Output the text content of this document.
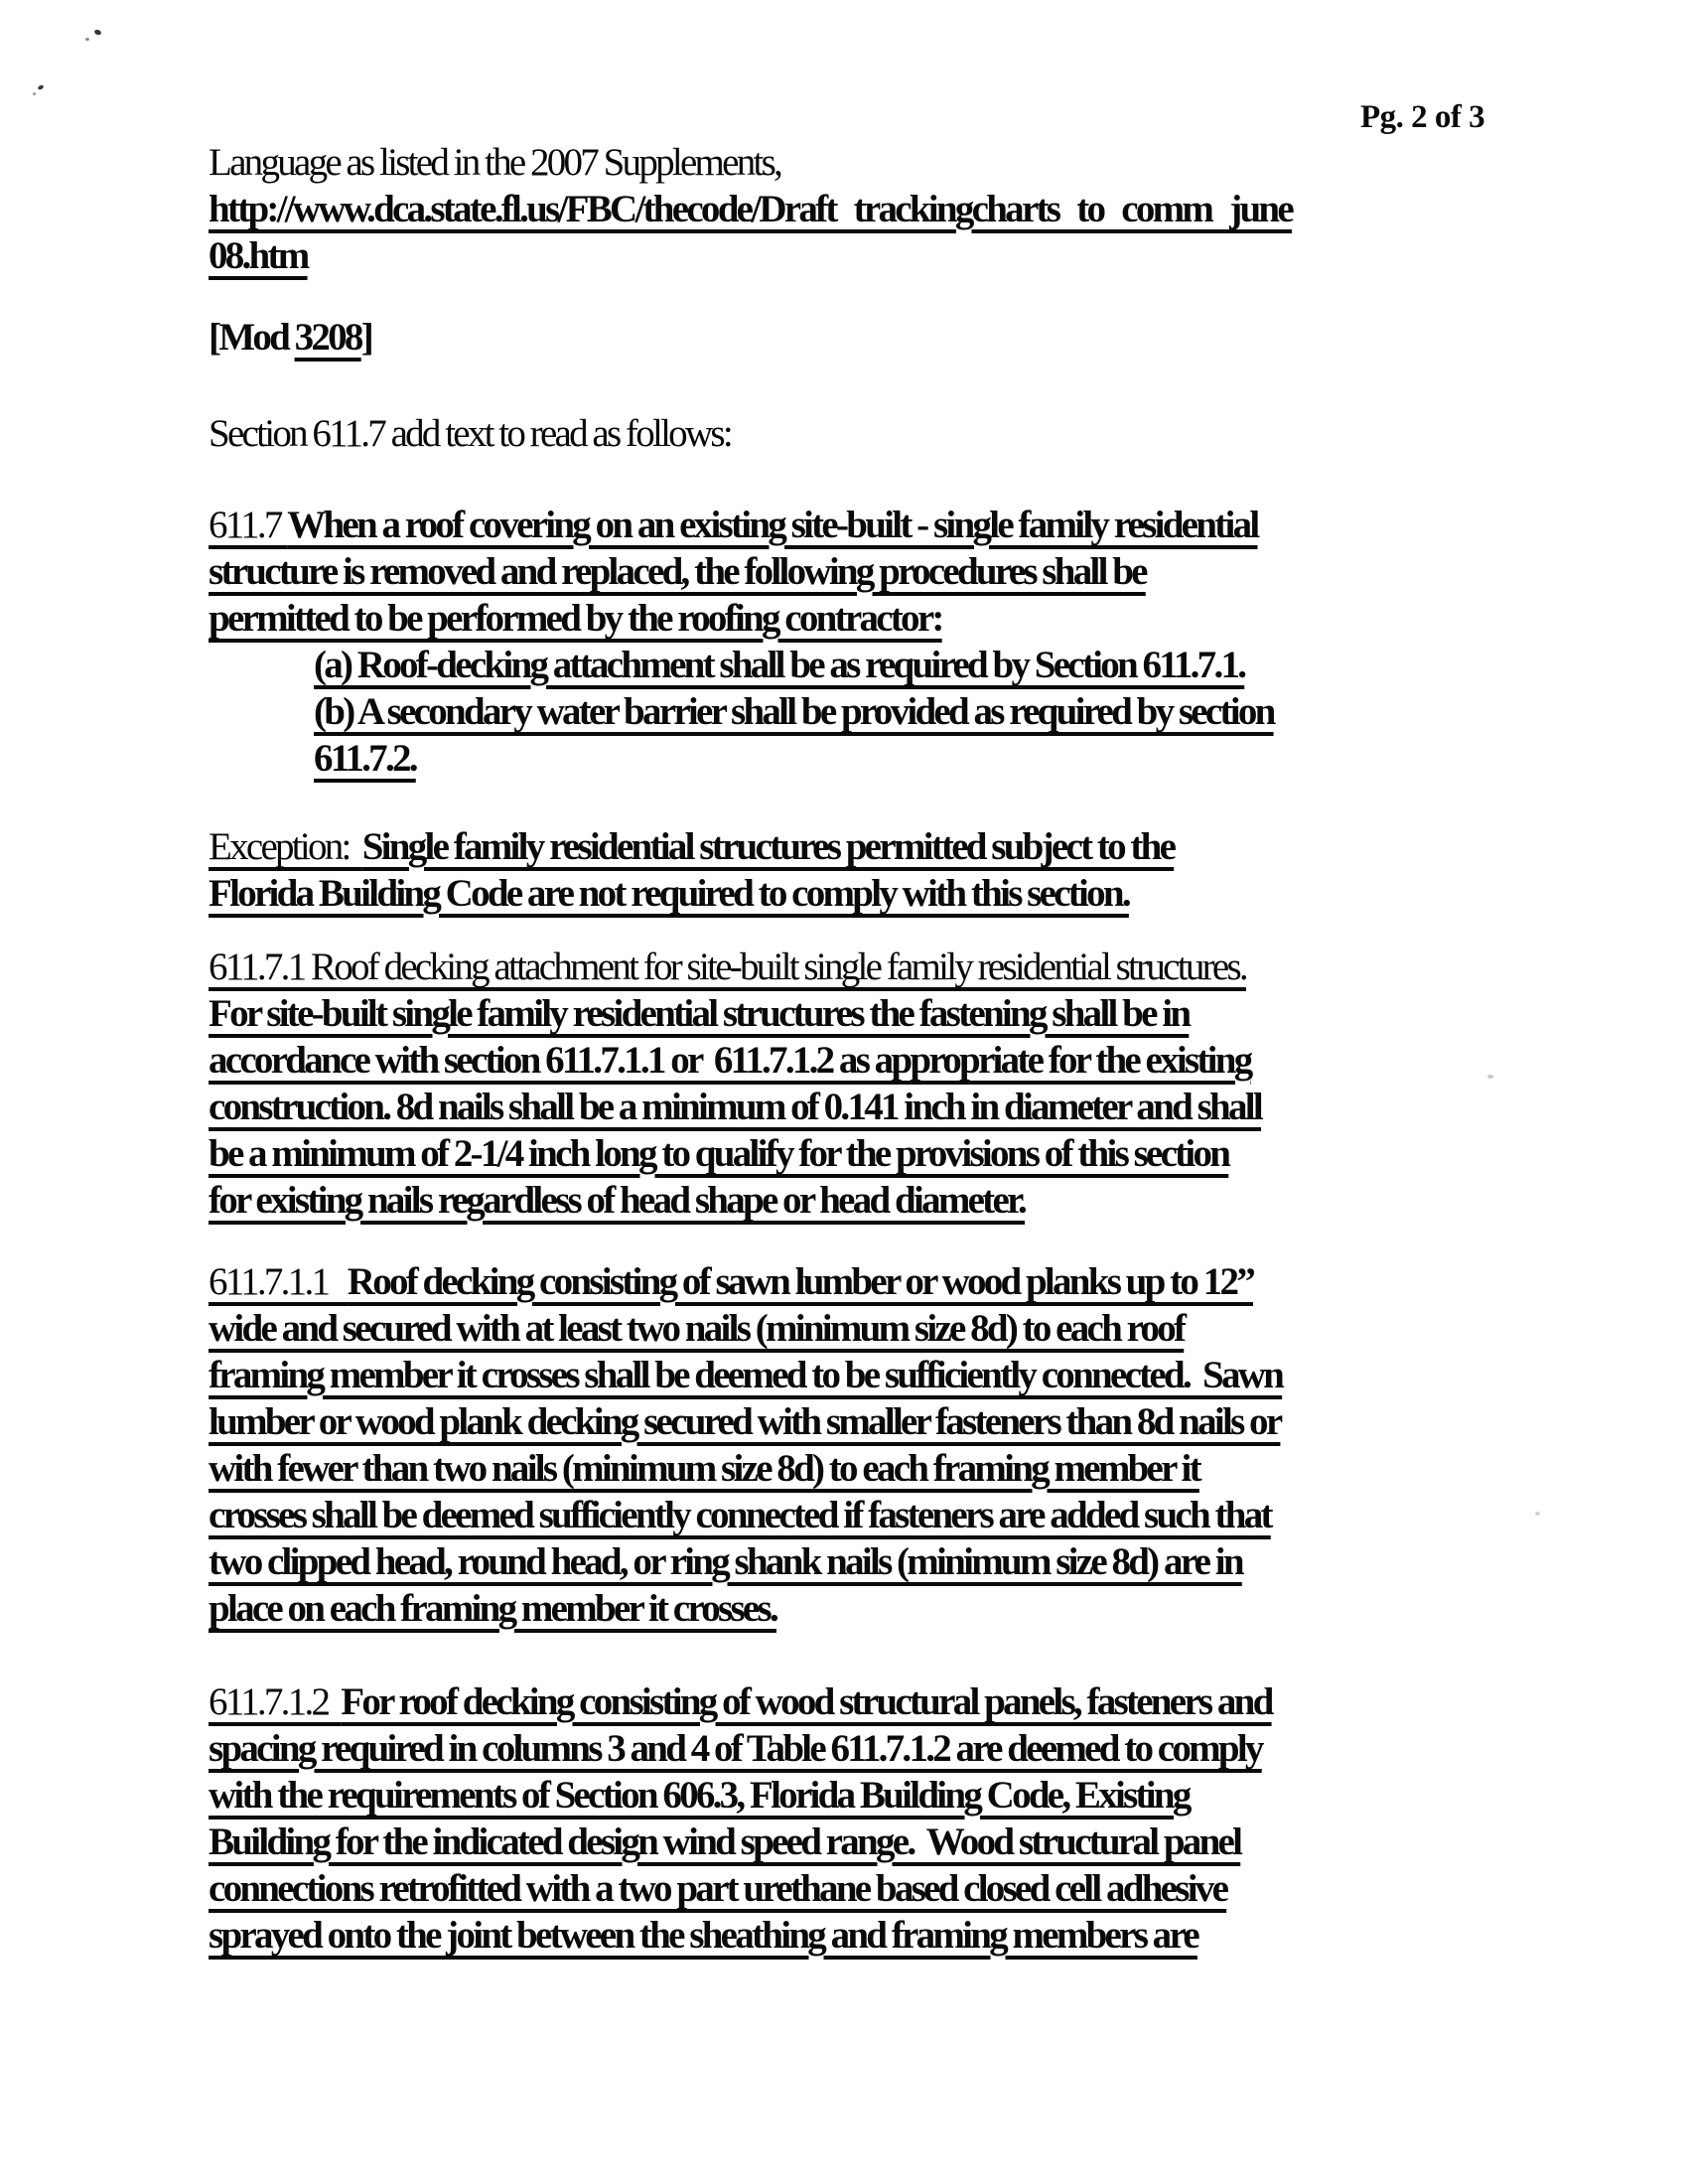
Pg. 2 of 3
Language as listed in the 2007 Supplements,
http://www.dca.state.fl.us/FBC/thecode/Draft trackingcharts to comm june
08.htm
[Mod 3208]
Section 611.7 add text to read as follows:
611.7 When a roof covering on an existing site-built - single family residential
structure is removed and replaced, the following procedures shall be
permitted to be performed by the roofing contractor:
(a) Roof-decking attachment shall be as required by Section 611.7.1.
(b) A secondary water barrier shall be provided as required by section
611.7.2.
Exception:  Single family residential structures permitted subject to the
Florida Building Code are not required to comply with this section.
611.7.1 Roof decking attachment for site-built single family residential structures.
For site-built single family residential structures the fastening shall be in
accordance with section 611.7.1.1 or  611.7.1.2 as appropriate for the existing
construction. 8d nails shall be a minimum of 0.141 inch in diameter and shall
be a minimum of 2-1/4 inch long to qualify for the provisions of this section
for existing nails regardless of head shape or head diameter.
611.7.1.1   Roof decking consisting of sawn lumber or wood planks up to 12”
wide and secured with at least two nails (minimum size 8d) to each roof
framing member it crosses shall be deemed to be sufficiently connected.  Sawn
lumber or wood plank decking secured with smaller fasteners than 8d nails or
with fewer than two nails (minimum size 8d) to each framing member it
crosses shall be deemed sufficiently connected if fasteners are added such that
two clipped head, round head, or ring shank nails (minimum size 8d) are in
place on each framing member it crosses.
611.7.1.2  For roof decking consisting of wood structural panels, fasteners and
spacing required in columns 3 and 4 of Table 611.7.1.2 are deemed to comply
with the requirements of Section 606.3, Florida Building Code, Existing
Building for the indicated design wind speed range.  Wood structural panel
connections retrofitted with a two part urethane based closed cell adhesive
sprayed onto the joint between the sheathing and framing members are
